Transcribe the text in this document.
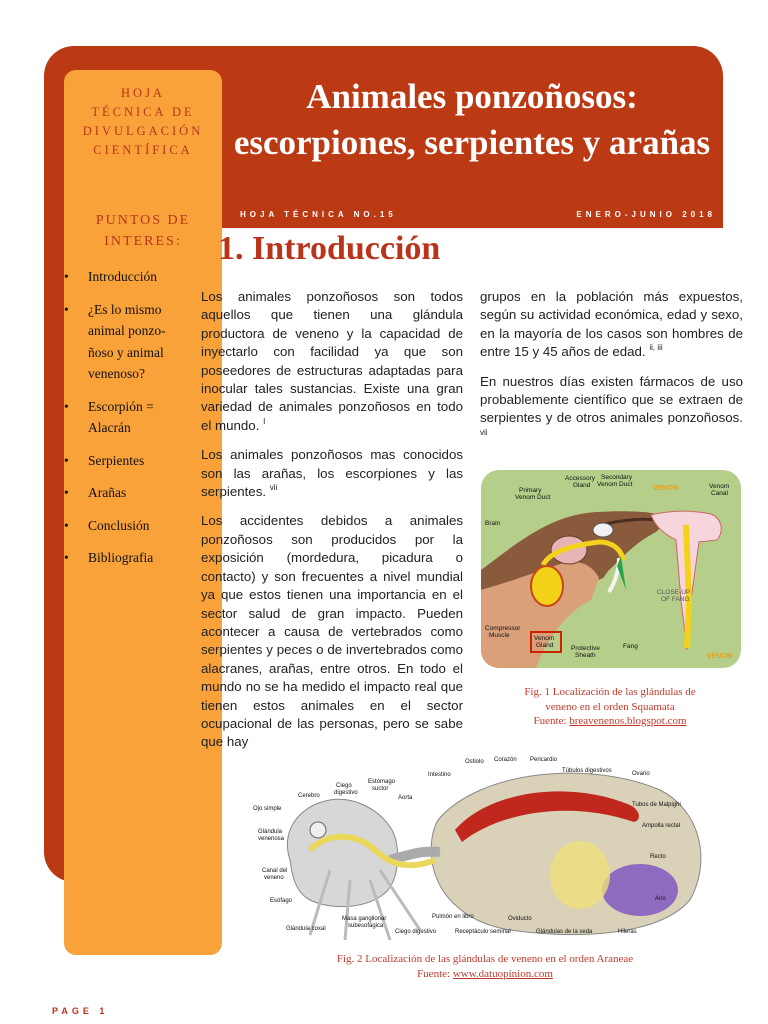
HOJA
TÉCNICA DE
DIVULGACIÓN
CIENTÍFICA
PUNTOS DE
INTERES:
• Introducción
• ¿Es lo mismo animal ponzo-ñoso y animal venenoso?
• Escorpión = Alacrán
• Serpientes
• Arañas
• Conclusión
• Bibliografia
Animales ponzoñosos:
escorpiones, serpientes y arañas
HOJA TÉCNICA NO.15	ENERO-JUNIO 2018
1. Introducción

Los animales ponzoñosos son todos aquellos que tienen una glándula productora de veneno y la capacidad de inyectarlo con facilidad ya que son poseedores de estructuras adaptadas para inocular tales sustancias. Existe una gran variedad de animales ponzoñosos en todo el mundo. $^I$

Los animales ponzoñosos mas conocidos son las arañas, los escorpiones y las serpientes. $^{vii}$

Los accidentes debidos a animales ponzoñosos son producidos por la exposición (mordedura, picadura o contacto) y son frecuentes a nivel mundial ya que estos tienen una importancia en el sector salud de gran impacto. Pueden acontecer a causa de vertebrados como serpientes y peces o de invertebrados como alacranes, arañas, entre otros. En todo el mundo no se ha medido el impacto real que tienen estos animales en el sector ocupacional de las personas, pero se sabe que hay

grupos en la población más expuestos, según su actividad económica, edad y sexo, en la mayoría de los casos son hombres de entre 15 y 45 años de edad. $^{ii, iii}$

En nuestros días existen fármacos de uso probablemente científico que se extraen de serpientes y de otros animales ponzoñosos. $^{vii}$

Accessory
Gland
Secondary
Venom Duct
Primary
Venom Duct
Brain
Compressor
Muscle	Venom
Gland	Protective
Sheath
Fang
VENOM	Venom
Canal
CLOSE-UP
OF FANG
VENOM
Fig. 1 Localización de las glándulas de
veneno en el orden Squamata
Fuente: breavenenos.blogspot.com
Ostiolo Corazón Pericardio
Túbulos digestivos
Intestino
Estómago
suctor
Ciego
digestivo
Cerebro	Aorta
Ojo simple
Glándula
venenosa
Canal del
veneno
Esófago
Glándula coxal
Masa ganglionar
subesofágica
Ciego digestivo
Pulmón en libro
Receptáculo seminal
Oviducto
Glándulas de la seda	Hileras
Ovario
Tubos de Malpighi
Ampolla rectal
Recto
Ano
Fig. 2 Localización de las glándulas de veneno en el orden Araneae
Fuente: www.datuopinion.com
PAGE 1
